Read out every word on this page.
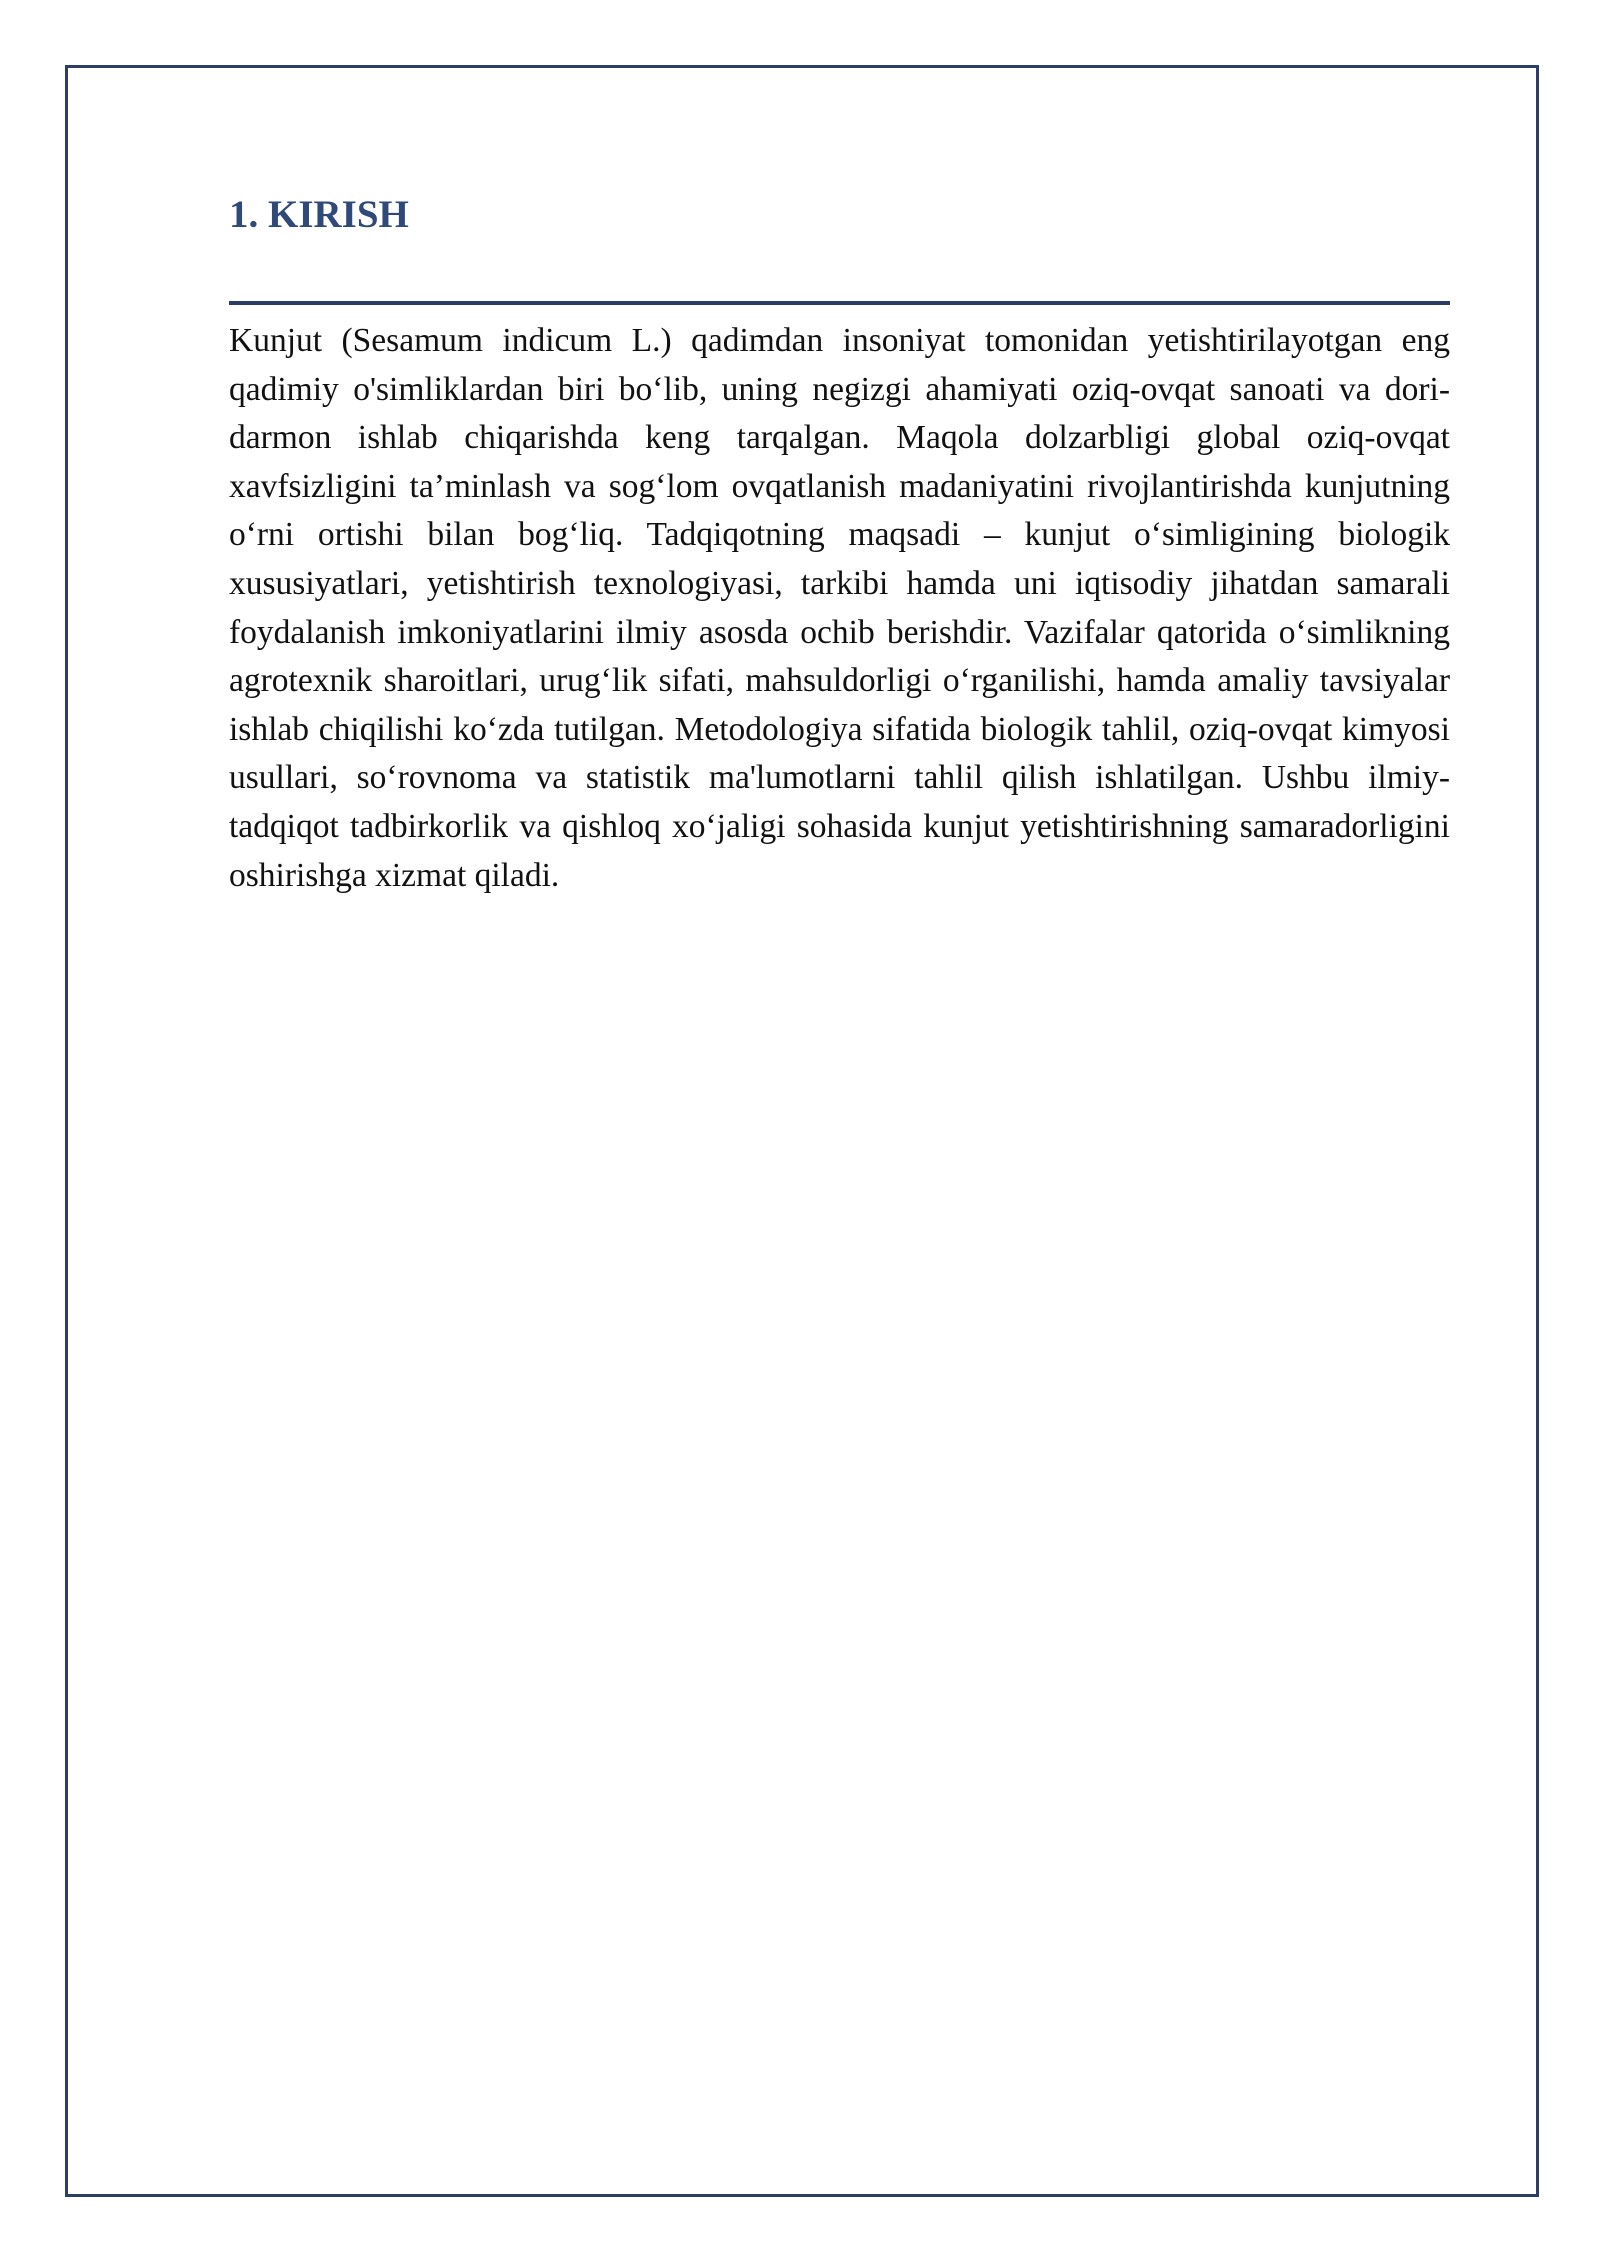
1. KIRISH

Kunjut (Sesamum indicum L.) qadimdan insoniyat tomonidan yetishtirilayotgan eng qadimiy o'simliklardan biri bo‘lib, uning negizgi ahamiyati oziq-ovqat sanoati va dori-darmon ishlab chiqarishda keng tarqalgan. Maqola dolzarbligi global oziq-ovqat xavfsizligini ta’minlash va sog‘lom ovqatlanish madaniyatini rivojlantirishda kunjutning o‘rni ortishi bilan bog‘liq. Tadqiqotning maqsadi – kunjut o‘simligining biologik xususiyatlari, yetishtirish texnologiyasi, tarkibi hamda uni iqtisodiy jihatdan samarali foydalanish imkoniyatlarini ilmiy asosda ochib berishdir. Vazifalar qatorida o‘simlikning agrotexnik sharoitlari, urug‘lik sifati, mahsuldorligi o‘rganilishi, hamda amaliy tavsiyalar ishlab chiqilishi ko‘zda tutilgan. Metodologiya sifatida biologik tahlil, oziq-ovqat kimyosi usullari, so‘rovnoma va statistik ma'lumotlarni tahlil qilish ishlatilgan. Ushbu ilmiy-tadqiqot tadbirkorlik va qishloq xo‘jaligi sohasida kunjut yetishtirishning samaradorligini oshirishga xizmat qiladi.
